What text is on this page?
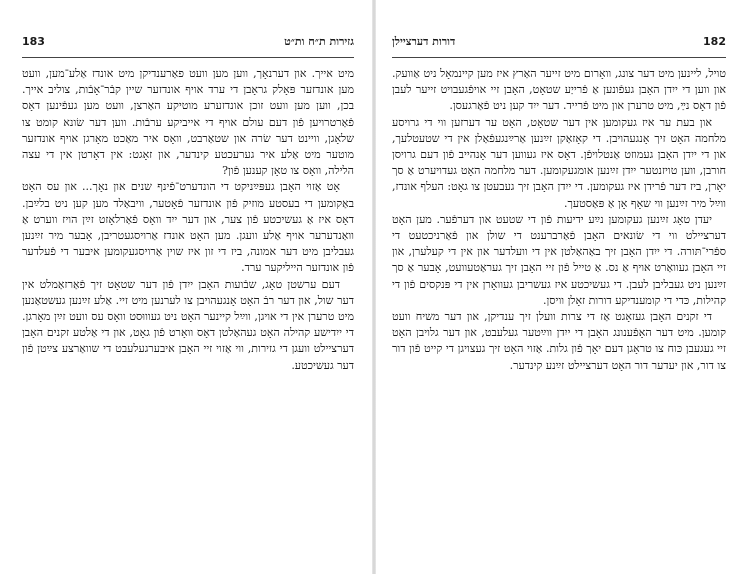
183	גזירות ת״ח ות״ט

מיט אייך. און דערנאָך, ווען מען וועט פאַרענדיקן מיט אונדז אַלע־מען, וועט מען אונדזער פּאָלק גראָבן די ערד אויף אונדזער שיין קבֿר־אָבֿות, צוליב אייך. בכן, ווען מען וועט זוכן אונדזערע מוטיקע האַרצן, וועט מען געפֿינען דאָס פֿאַרטרויען פֿון דעם עולם אויף די אייביקע ערבֿות. ווען דער שׂונא קומט צו שלאָגן, וויינט דער שׂרה און שטאַרבט, וואָס איר מאַכט מאָרגן אויף אונדזער מוטער מיט אַלע איר גערעכטע קינדער, און זאָגט: אין דאָרטן אין די עצה הלילה, וואָס צו טאָן קענען פֿון?

אָט אַזוי האָבן געפּײַניקט די הונדערט־פֿינף שנים און נאָך... און עס האָט באַקומען די בעסטע מוזיק פֿון אונדזער פֿאָטער, וויבאַלד מען קען ניט בלײַבן. דאָס איז אַ געשיכטע פֿון צער, און דער ייִד וואָס פֿאַרלאָזט זײַן הויז ווערט אַ וואַנדערער אויף אַלע וועגן. מען האָט אונדז אַרויסגעטריבן, אָבער מיר זײַנען געבליבן מיט דער אמונה, ביז די זון איז שוין אַרויסגעקומען איבער די פֿעלדער פֿון אונדזער הייליקער ערד.

דעם ערשטן טאָג, שבֿועות האָבן ייִדן פֿון דער שטאָט זיך פֿאַרזאַמלט אין דער שול, און דער רבֿ האָט אָנגעהויבן צו לערנען מיט זיי. אַלע זײַנען געשטאַנען מיט טרערן אין די אויגן, ווײַל קיינער האָט ניט געוווּסט וואָס עס וועט זײַן מאָרגן. די ייִדישע קהילה האָט געהאַלטן דאָס וואָרט פֿון גאָט, און די אַלטע זקנים האָבן דערציילט וועגן די גזירות, ווי אַזוי זיי האָבן איבערגעלעבט די שוואַרצע צײַטן פֿון דער געשיכטע.

182
דורות דערציילן

טויל, ליינען מיט דער צונג, וואָרום מיט זייער האַרץ איז מען קיינמאָל ניט אַוועק. און ווען די ייִדן האָבן געפֿונען אַ פֿרייַע שטאָט, האָבן זיי אויפֿגעבויט זייער לעבן פֿון דאָס נײַ, מיט טרערן און מיט פֿרייד. דער ייִד קען ניט פֿאַרגעסן.

און בעת ער איז געקומען אין דער שטאָט, האָט ער דערזען ווי די גרויסע מלחמה האָט זיך אָנגעהויבן. די קאָזאַקן זײַנען אַרײַנגעפֿאַלן אין די שטעטלעך, און די ייִדן האָבן געמוזט אַנטלויפֿן. דאָס איז געווען דער אָנהייב פֿון דעם גרויסן חורבן, ווען טויזנטער ייִדן זײַנען אומגעקומען. דער מלחמה האָט געדויערט אַ סך יאָרן, ביז דער פֿרידן איז געקומען. די ייִדן האָבן זיך געבעטן צו גאָט: העלף אונדז, ווײַל מיר זײַנען ווי שאָף אָן אַ פּאַסטעך.

יעדן טאָג זײַנען געקומען נײַע ידיעות פֿון די שטעט און דערפֿער. מען האָט דערציילט ווי די שׂונאים האָבן פֿאַרברענט די שולן און פֿאַרניכטעט די ספֿרי־תּורה. די ייִדן האָבן זיך באַהאַלטן אין די וועלדער און אין די קעלערן, און זיי האָבן געוואַרט אויף אַ נס. אַ טייל פֿון זיי האָבן זיך געראַטעוועט, אָבער אַ סך זײַנען ניט געבליבן לעבן. די געשיכטע איז געשריבן געוואָרן אין די פּנקסים פֿון די קהילות, כּדי די קומענדיקע דורות זאָלן וויסן.

די זקנים האָבן געזאָגט אַז די צרות וועלן זיך ענדיקן, און דער משיח וועט קומען. מיט דער האָפֿענונג האָבן די ייִדן ווײַטער געלעבט, און דער גלויבן האָט זיי געגעבן כּוח צו טראָגן דעם יאָך פֿון גלות. אַזוי האָט זיך געצויגן די קייט פֿון דור צו דור, און יעדער דור האָט דערציילט זײַנע קינדער.

​
